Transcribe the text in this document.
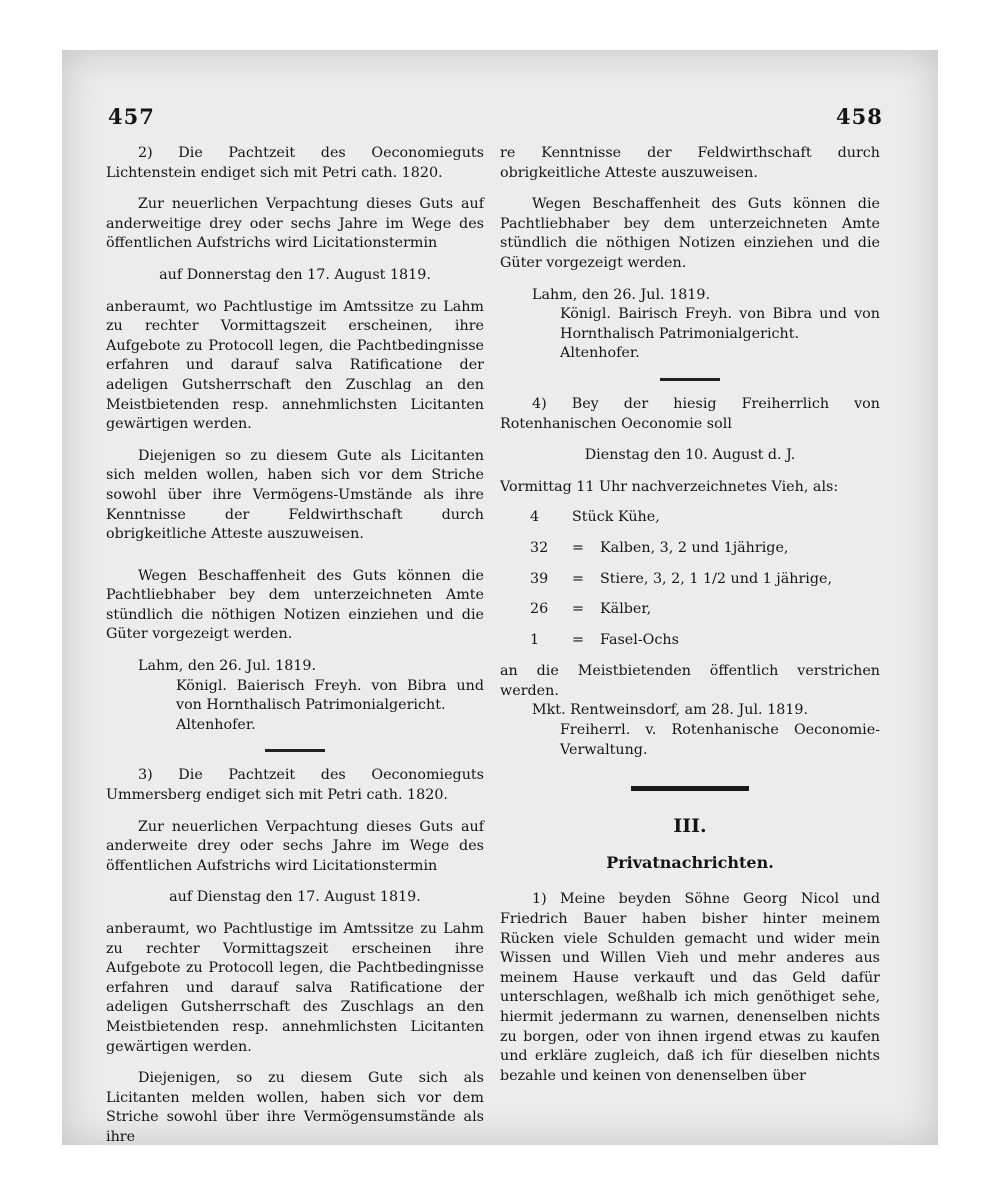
457	458

2) Die Pachtzeit des Oeconomieguts Lichtenstein endiget sich mit Petri cath. 1820.

Zur neuerlichen Verpachtung dieses Guts auf anderweitige drey oder sechs Jahre im Wege des öffentlichen Aufstrichs wird Licitationstermin

auf Donnerstag den 17. August 1819.

anberaumt, wo Pachtlustige im Amtssitze zu Lahm zu rechter Vormittagszeit erscheinen, ihre Aufgebote zu Protocoll legen, die Pachtbedingnisse erfahren und darauf salva Ratificatione der adeligen Gutsherrschaft den Zuschlag an den Meistbietenden resp. annehmlichsten Licitanten gewärtigen werden.

Diejenigen so zu diesem Gute als Licitanten sich melden wollen, haben sich vor dem Striche sowohl über ihre Vermögens-Umstände als ihre Kenntnisse der Feldwirthschaft durch obrigkeitliche Atteste auszuweisen.

Wegen Beschaffenheit des Guts können die Pachtliebhaber bey dem unterzeichneten Amte stündlich die nöthigen Notizen einziehen und die Güter vorgezeigt werden.

Lahm, den 26. Jul. 1819.

Königl. Baierisch Freyh. von Bibra und von Hornthalisch Patrimonialgericht.

Altenhofer.

3) Die Pachtzeit des Oeconomieguts Ummersberg endiget sich mit Petri cath. 1820.

Zur neuerlichen Verpachtung dieses Guts auf anderweite drey oder sechs Jahre im Wege des öffentlichen Aufstrichs wird Licitationstermin

auf Dienstag den 17. August 1819.

anberaumt, wo Pachtlustige im Amtssitze zu Lahm zu rechter Vormittagszeit erscheinen ihre Aufgebote zu Protocoll legen, die Pachtbedingnisse erfahren und darauf salva Ratificatione der adeligen Gutsherrschaft des Zuschlags an den Meistbietenden resp. annehmlichsten Licitanten gewärtigen werden.

Diejenigen, so zu diesem Gute sich als Licitanten melden wollen, haben sich vor dem Striche sowohl über ihre Vermögensumstände als ihre

re Kenntnisse der Feldwirthschaft durch obrigkeitliche Atteste auszuweisen.

Wegen Beschaffenheit des Guts können die Pachtliebhaber bey dem unterzeichneten Amte stündlich die nöthigen Notizen einziehen und die Güter vorgezeigt werden.

Lahm, den 26. Jul. 1819.

Königl. Bairisch Freyh. von Bibra und von Hornthalisch Patrimonialgericht.

Altenhofer.

4) Bey der hiesig Freiherrlich von Rotenhanischen Oeconomie soll

Dienstag den 10. August d. J.

Vormittag 11 Uhr nachverzeichnetes Vieh, als:

4	Stück Kühe,
32	=	Kalben, 3, 2 und 1jährige,
39	=	Stiere, 3, 2, 1 1/2 und 1 jährige,
26	=	Kälber,
1	=	Fasel-Ochs

an die Meistbietenden öffentlich verstrichen werden.

Mkt. Rentweinsdorf, am 28. Jul. 1819.

Freiherrl. v. Rotenhanische Oeconomie-Verwaltung.

III.
Privatnachrichten.

1) Meine beyden Söhne Georg Nicol und Friedrich Bauer haben bisher hinter meinem Rücken viele Schulden gemacht und wider mein Wissen und Willen Vieh und mehr anderes aus meinem Hause verkauft und das Geld dafür unterschlagen, weßhalb ich mich genöthiget sehe, hiermit jedermann zu warnen, denenselben nichts zu borgen, oder von ihnen irgend etwas zu kaufen und erkläre zugleich, daß ich für dieselben nichts bezahle und keinen von denenselben über
